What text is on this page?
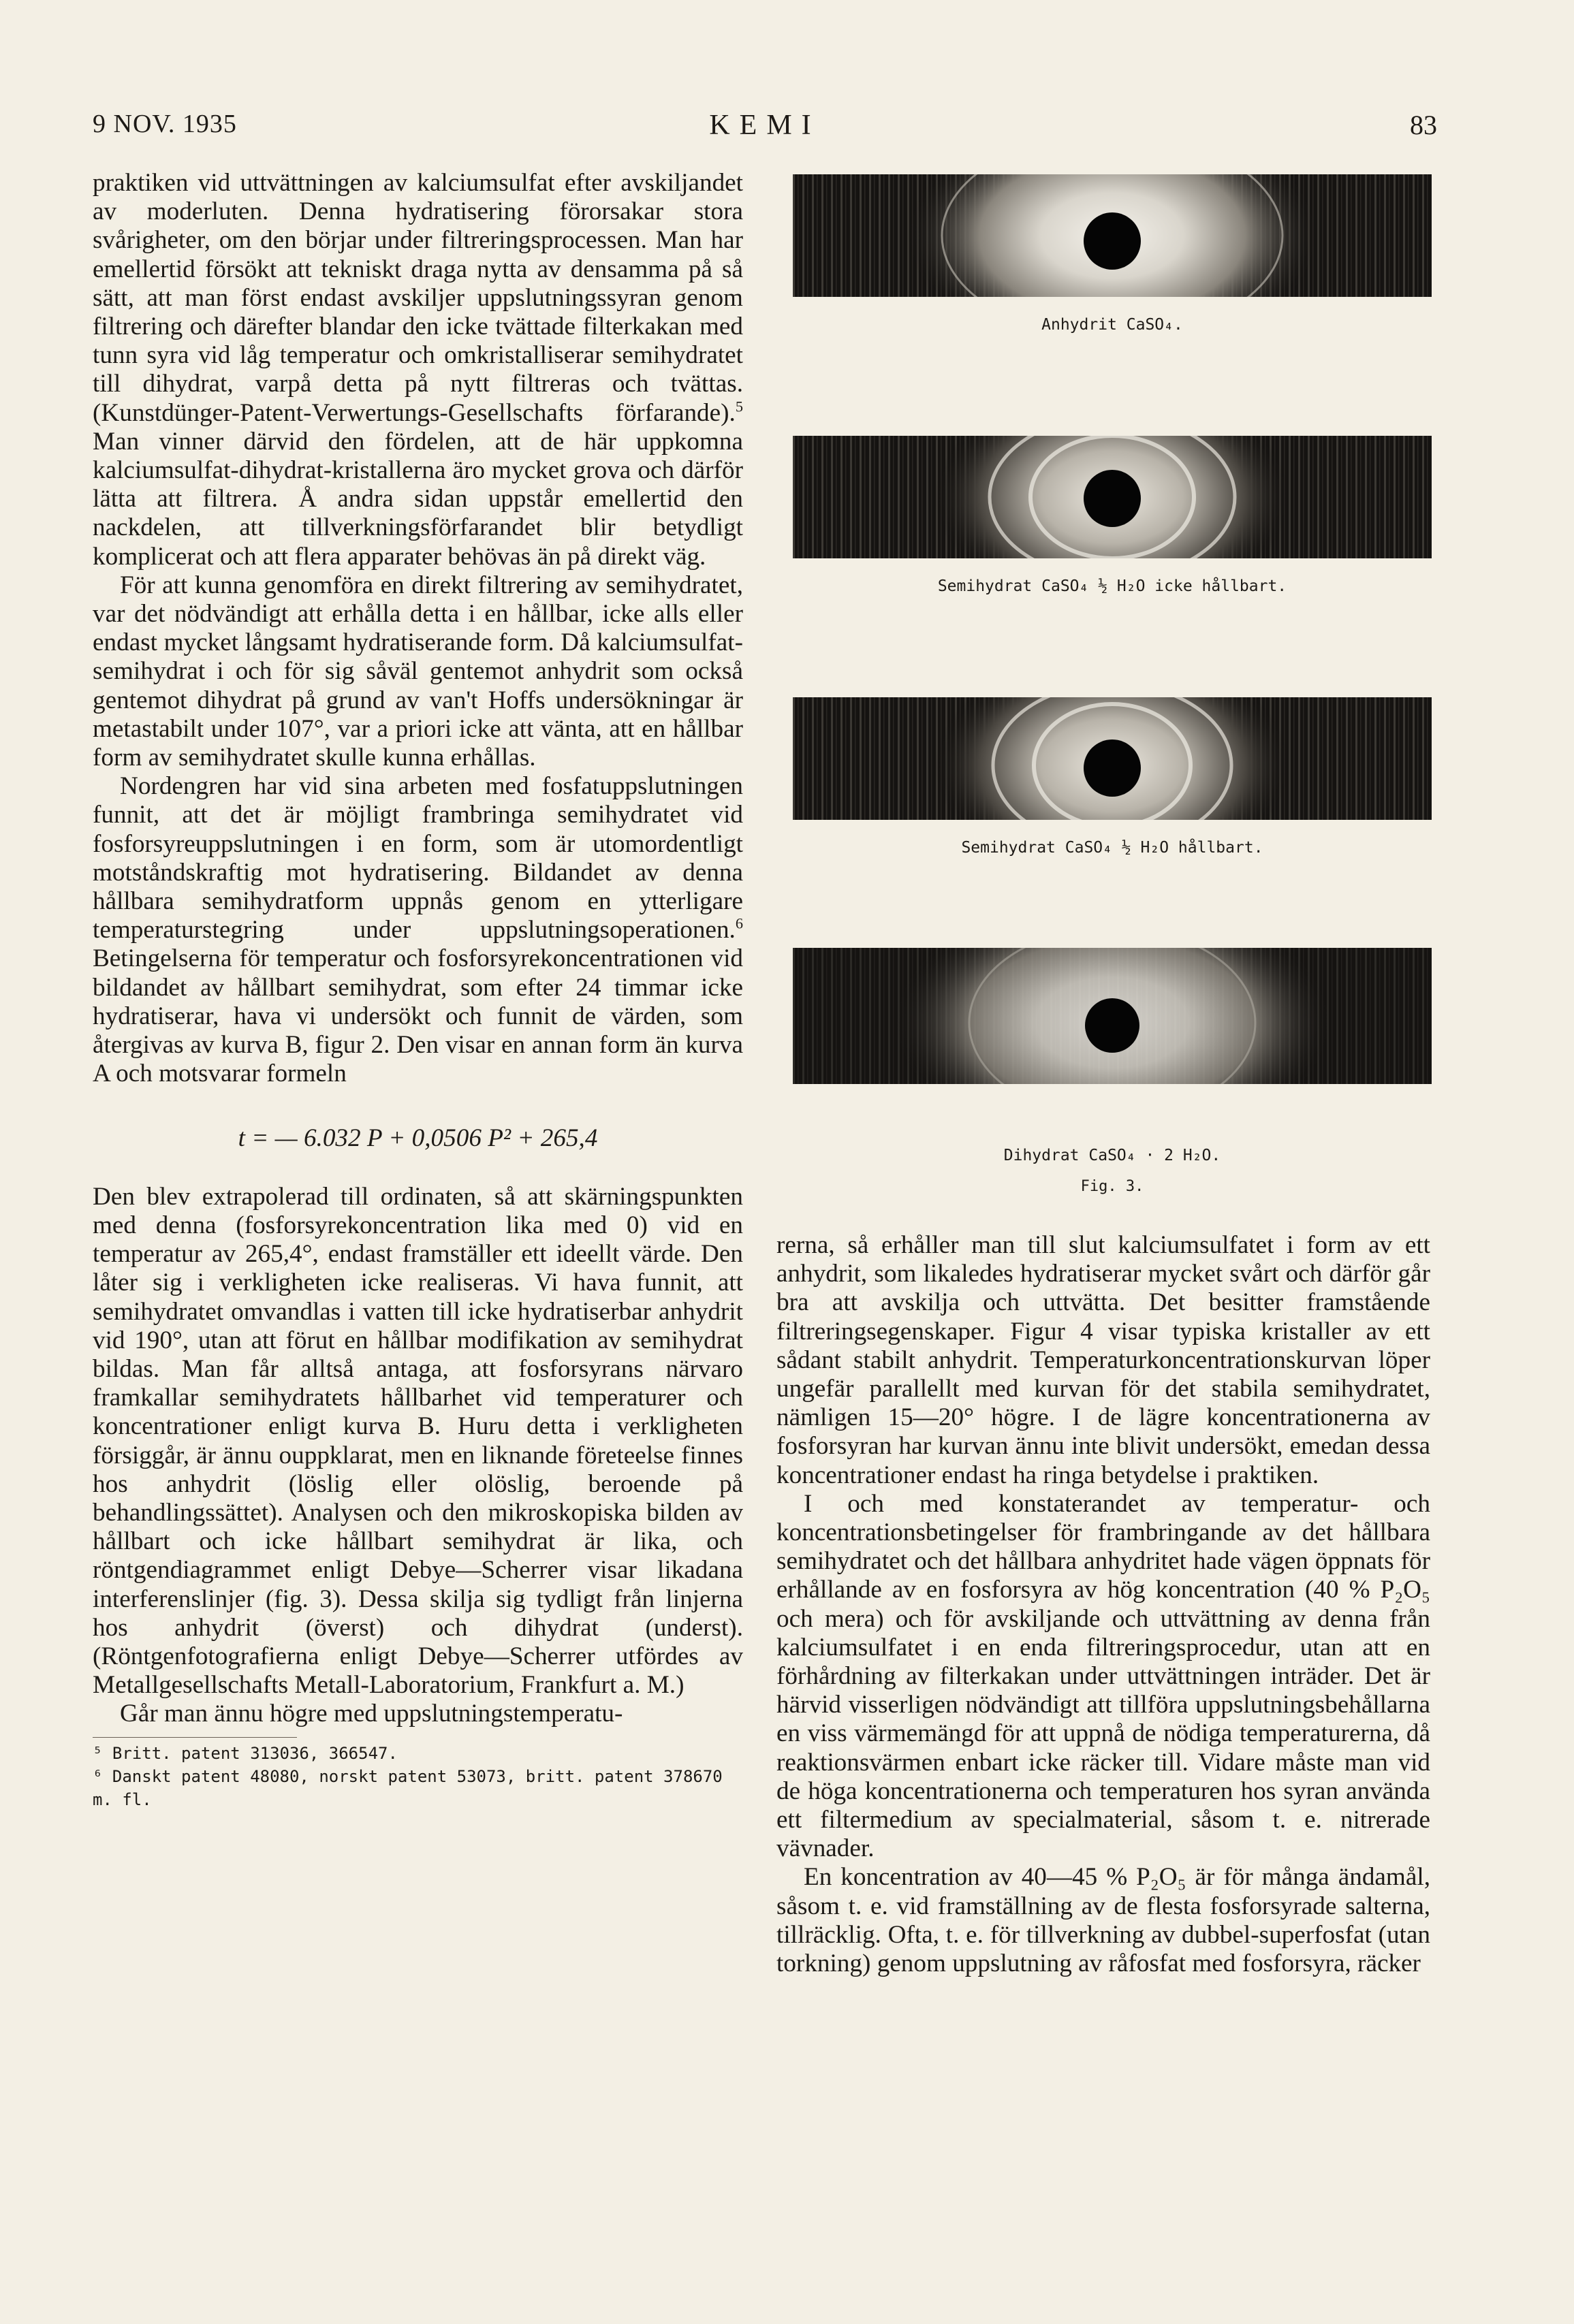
9 NOV. 1935	KEMI	83

praktiken vid uttvättningen av kalciumsulfat efter avskiljandet av moderluten. Denna hydratisering förorsakar stora svårigheter, om den börjar under filtreringsprocessen. Man har emellertid försökt att tekniskt draga nytta av densamma på så sätt, att man först endast avskiljer uppslutningssyran genom filtrering och därefter blandar den icke tvättade filterkakan med tunn syra vid låg temperatur och omkristalliserar semihydratet till dihydrat, varpå detta på nytt filtreras och tvättas. (Kunstdünger-Patent-Verwertungs-Gesellschafts förfarande).$^5$ Man vinner därvid den fördelen, att de här uppkomna kalciumsulfat-dihydrat-kristallerna äro mycket grova och därför lätta att filtrera. Å andra sidan uppstår emellertid den nackdelen, att tillverkningsförfarandet blir betydligt komplicerat och att flera apparater behövas än på direkt väg.

För att kunna genomföra en direkt filtrering av semihydratet, var det nödvändigt att erhålla detta i en hållbar, icke alls eller endast mycket långsamt hydratiserande form. Då kalciumsulfat-semihydrat i och för sig såväl gentemot anhydrit som också gentemot dihydrat på grund av van't Hoffs undersökningar är metastabilt under 107°, var a priori icke att vänta, att en hållbar form av semihydratet skulle kunna erhållas.

Nordengren har vid sina arbeten med fosfatuppslutningen funnit, att det är möjligt frambringa semihydratet vid fosforsyreuppslutningen i en form, som är utomordentligt motståndskraftig mot hydratisering. Bildandet av denna hållbara semihydratform uppnås genom en ytterligare temperaturstegring under uppslutningsoperationen.$^6$ Betingelserna för temperatur och fosforsyrekoncentrationen vid bildandet av hållbart semihydrat, som efter 24 timmar icke hydratiserar, hava vi undersökt och funnit de värden, som återgivas av kurva B, figur 2. Den visar en annan form än kurva A och motsvarar formeln

t = — 6.032 P + 0,0506 P² + 265,4

Den blev extrapolerad till ordinaten, så att skärningspunkten med denna (fosforsyrekoncentration lika med 0) vid en temperatur av 265,4°, endast framställer ett ideellt värde. Den låter sig i verkligheten icke realiseras. Vi hava funnit, att semihydratet omvandlas i vatten till icke hydratiserbar anhydrit vid 190°, utan att förut en hållbar modifikation av semihydrat bildas. Man får alltså antaga, att fosforsyrans närvaro framkallar semihydratets hållbarhet vid temperaturer och koncentrationer enligt kurva B. Huru detta i verkligheten försiggår, är ännu ouppklarat, men en liknande företeelse finnes hos anhydrit (löslig eller olöslig, beroende på behandlingssättet). Analysen och den mikroskopiska bilden av hållbart och icke hållbart semihydrat är lika, och röntgendiagrammet enligt Debye—Scherrer visar likadana interferenslinjer (fig. 3). Dessa skilja sig tydligt från linjerna hos anhydrit (överst) och dihydrat (underst). (Röntgenfotografierna enligt Debye—Scherrer utfördes av Metallgesellschafts Metall-Laboratorium, Frankfurt a. M.)

Går man ännu högre med uppslutningstemperatu-

⁵ Britt. patent 313036, 366547.
⁶ Danskt patent 48080, norskt patent 53073, britt. patent 378670 m. fl.
Anhydrit CaSO₄.
Semihydrat CaSO₄ ½ H₂O icke hållbart.
Semihydrat CaSO₄ ½ H₂O hållbart.
Dihydrat CaSO₄ · 2 H₂O.
Fig. 3.

rerna, så erhåller man till slut kalciumsulfatet i form av ett anhydrit, som likaledes hydratiserar mycket svårt och därför går bra att avskilja och uttvätta. Det besitter framstående filtreringsegenskaper. Figur 4 visar typiska kristaller av ett sådant stabilt anhydrit. Temperaturkoncentrationskurvan löper ungefär parallellt med kurvan för det stabila semihydratet, nämligen 15—20° högre. I de lägre koncentrationerna av fosforsyran har kurvan ännu inte blivit undersökt, emedan dessa koncentrationer endast ha ringa betydelse i praktiken.

I och med konstaterandet av temperatur- och koncentrationsbetingelser för frambringande av det hållbara semihydratet och det hållbara anhydritet hade vägen öppnats för erhållande av en fosforsyra av hög koncentration (40 % P₂O₅ och mera) och för avskiljande och uttvättning av denna från kalciumsulfatet i en enda filtreringsprocedur, utan att en förhårdning av filterkakan under uttvättningen inträder. Det är härvid visserligen nödvändigt att tillföra uppslutningsbehållarna en viss värmemängd för att uppnå de nödiga temperaturerna, då reaktionsvärmen enbart icke räcker till. Vidare måste man vid de höga koncentrationerna och temperaturen hos syran använda ett filtermedium av specialmaterial, såsom t. e. nitrerade vävnader.

En koncentration av 40—45 % P₂O₅ är för många ändamål, såsom t. e. vid framställning av de flesta fosforsyrade salterna, tillräcklig. Ofta, t. e. för tillverkning av dubbel-superfosfat (utan torkning) genom uppslutning av råfosfat med fosforsyra, räcker
